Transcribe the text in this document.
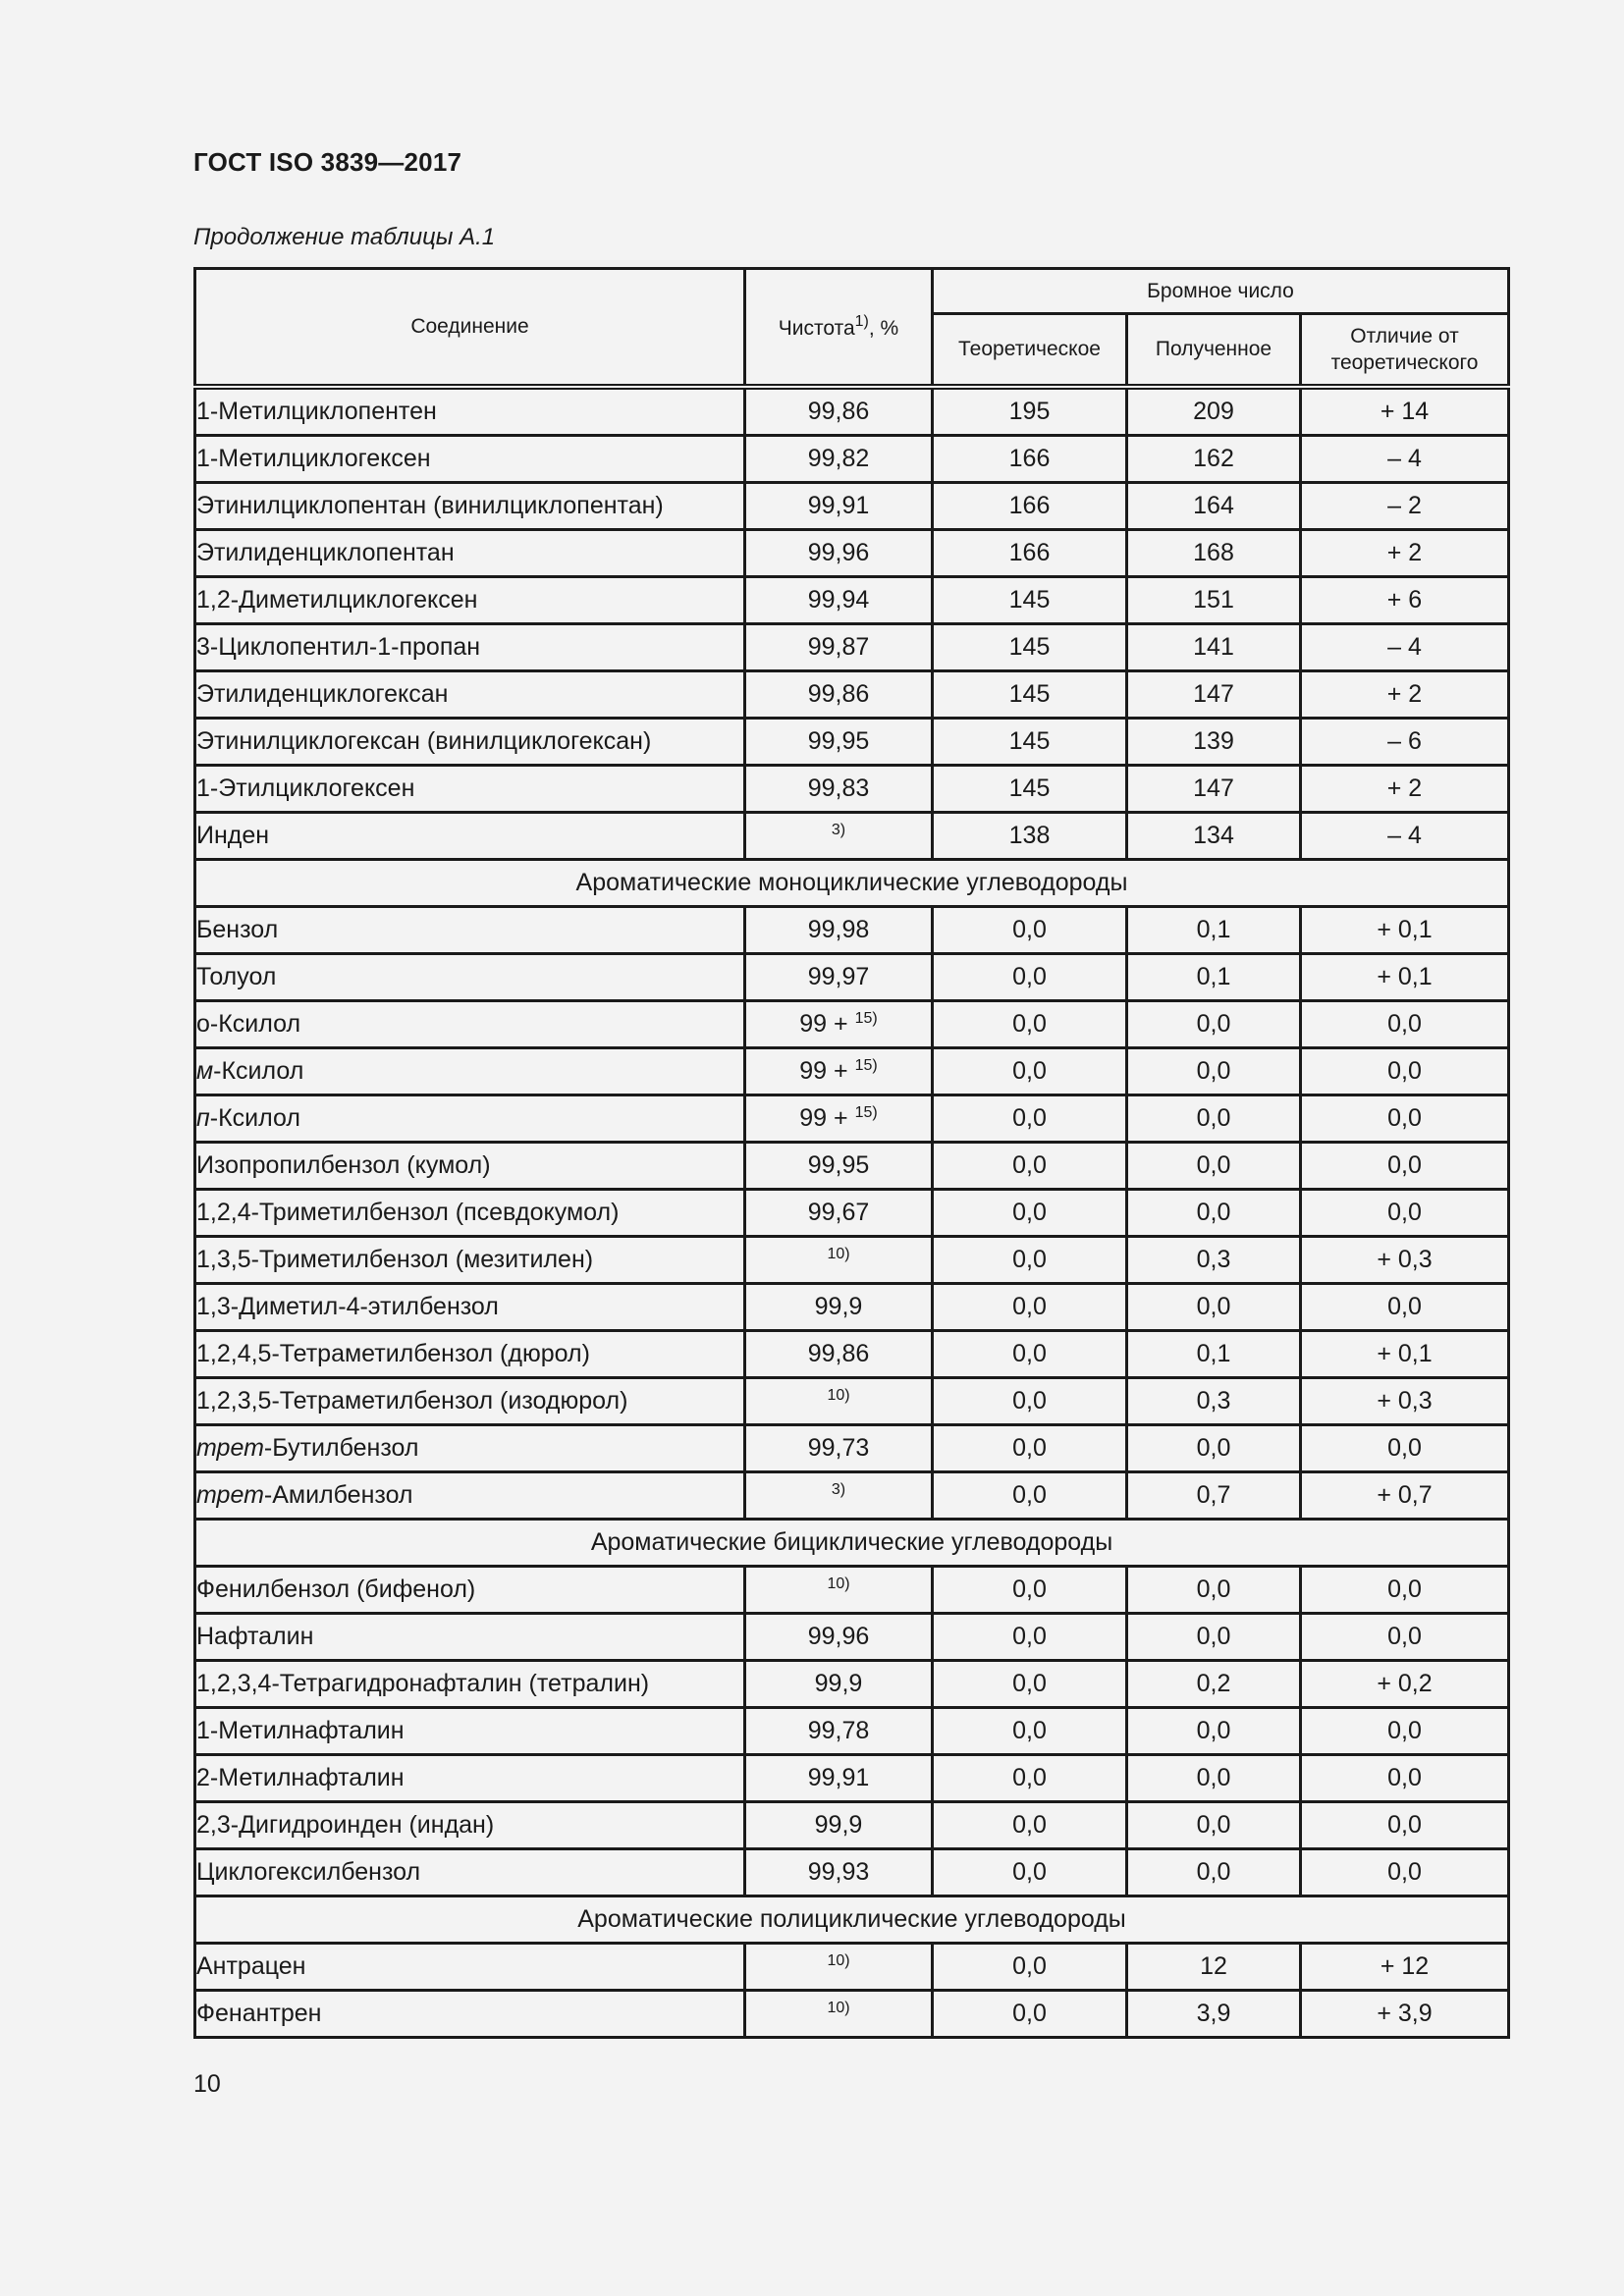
ГОСТ ISO 3839—2017
Продолжение таблицы А.1
Соединение	Чистота$^{1)}$, %	Бромное число		
		Теоретическое	Полученное	Отличие от теоретического
1-Метилциклопентен	99,86	195	209	+ 14
1-Метилциклогексен	99,82	166	162	– 4
Этинилциклопентан (винилциклопентан)	99,91	166	164	– 2
Этилиденциклопентан	99,96	166	168	+ 2
1,2-Диметилциклогексен	99,94	145	151	+ 6
3-Циклопентил-1-пропан	99,87	145	141	– 4
Этилиденциклогексан	99,86	145	147	+ 2
Этинилциклогексан (винилциклогексан)	99,95	145	139	– 6
1-Этилциклогексен	99,83	145	147	+ 2
Инден	$^{3)}$	138	134	– 4
Ароматические моноциклические углеводороды				
Бензол	99,98	0,0	0,1	+ 0,1
Толуол	99,97	0,0	0,1	+ 0,1
о-Ксилол	99 + $^{15)}$	0,0	0,0	0,0
м-Ксилол	99 + $^{15)}$	0,0	0,0	0,0
п-Ксилол	99 + $^{15)}$	0,0	0,0	0,0
Изопропилбензол (кумол)	99,95	0,0	0,0	0,0
1,2,4-Триметилбензол (псевдокумол)	99,67	0,0	0,0	0,0
1,3,5-Триметилбензол (мезитилен)	$^{10)}$	0,0	0,3	+ 0,3
1,3-Диметил-4-этилбензол	99,9	0,0	0,0	0,0
1,2,4,5-Тетраметилбензол (дюрол)	99,86	0,0	0,1	+ 0,1
1,2,3,5-Тетраметилбензол (изодюрол)	$^{10)}$	0,0	0,3	+ 0,3
трет-Бутилбензол	99,73	0,0	0,0	0,0
трет-Амилбензол	$^{3)}$	0,0	0,7	+ 0,7
Ароматические бициклические углеводороды				
Фенилбензол (бифенол)	$^{10)}$	0,0	0,0	0,0
Нафталин	99,96	0,0	0,0	0,0
1,2,3,4-Тетрагидронафталин (тетралин)	99,9	0,0	0,2	+ 0,2
1-Метилнафталин	99,78	0,0	0,0	0,0
2-Метилнафталин	99,91	0,0	0,0	0,0
2,3-Дигидроинден (индан)	99,9	0,0	0,0	0,0
Циклогексилбензол	99,93	0,0	0,0	0,0
Ароматические полициклические углеводороды				
Антрацен	$^{10)}$	0,0	12	+ 12
Фенантрен	$^{10)}$	0,0	3,9	+ 3,9
10
